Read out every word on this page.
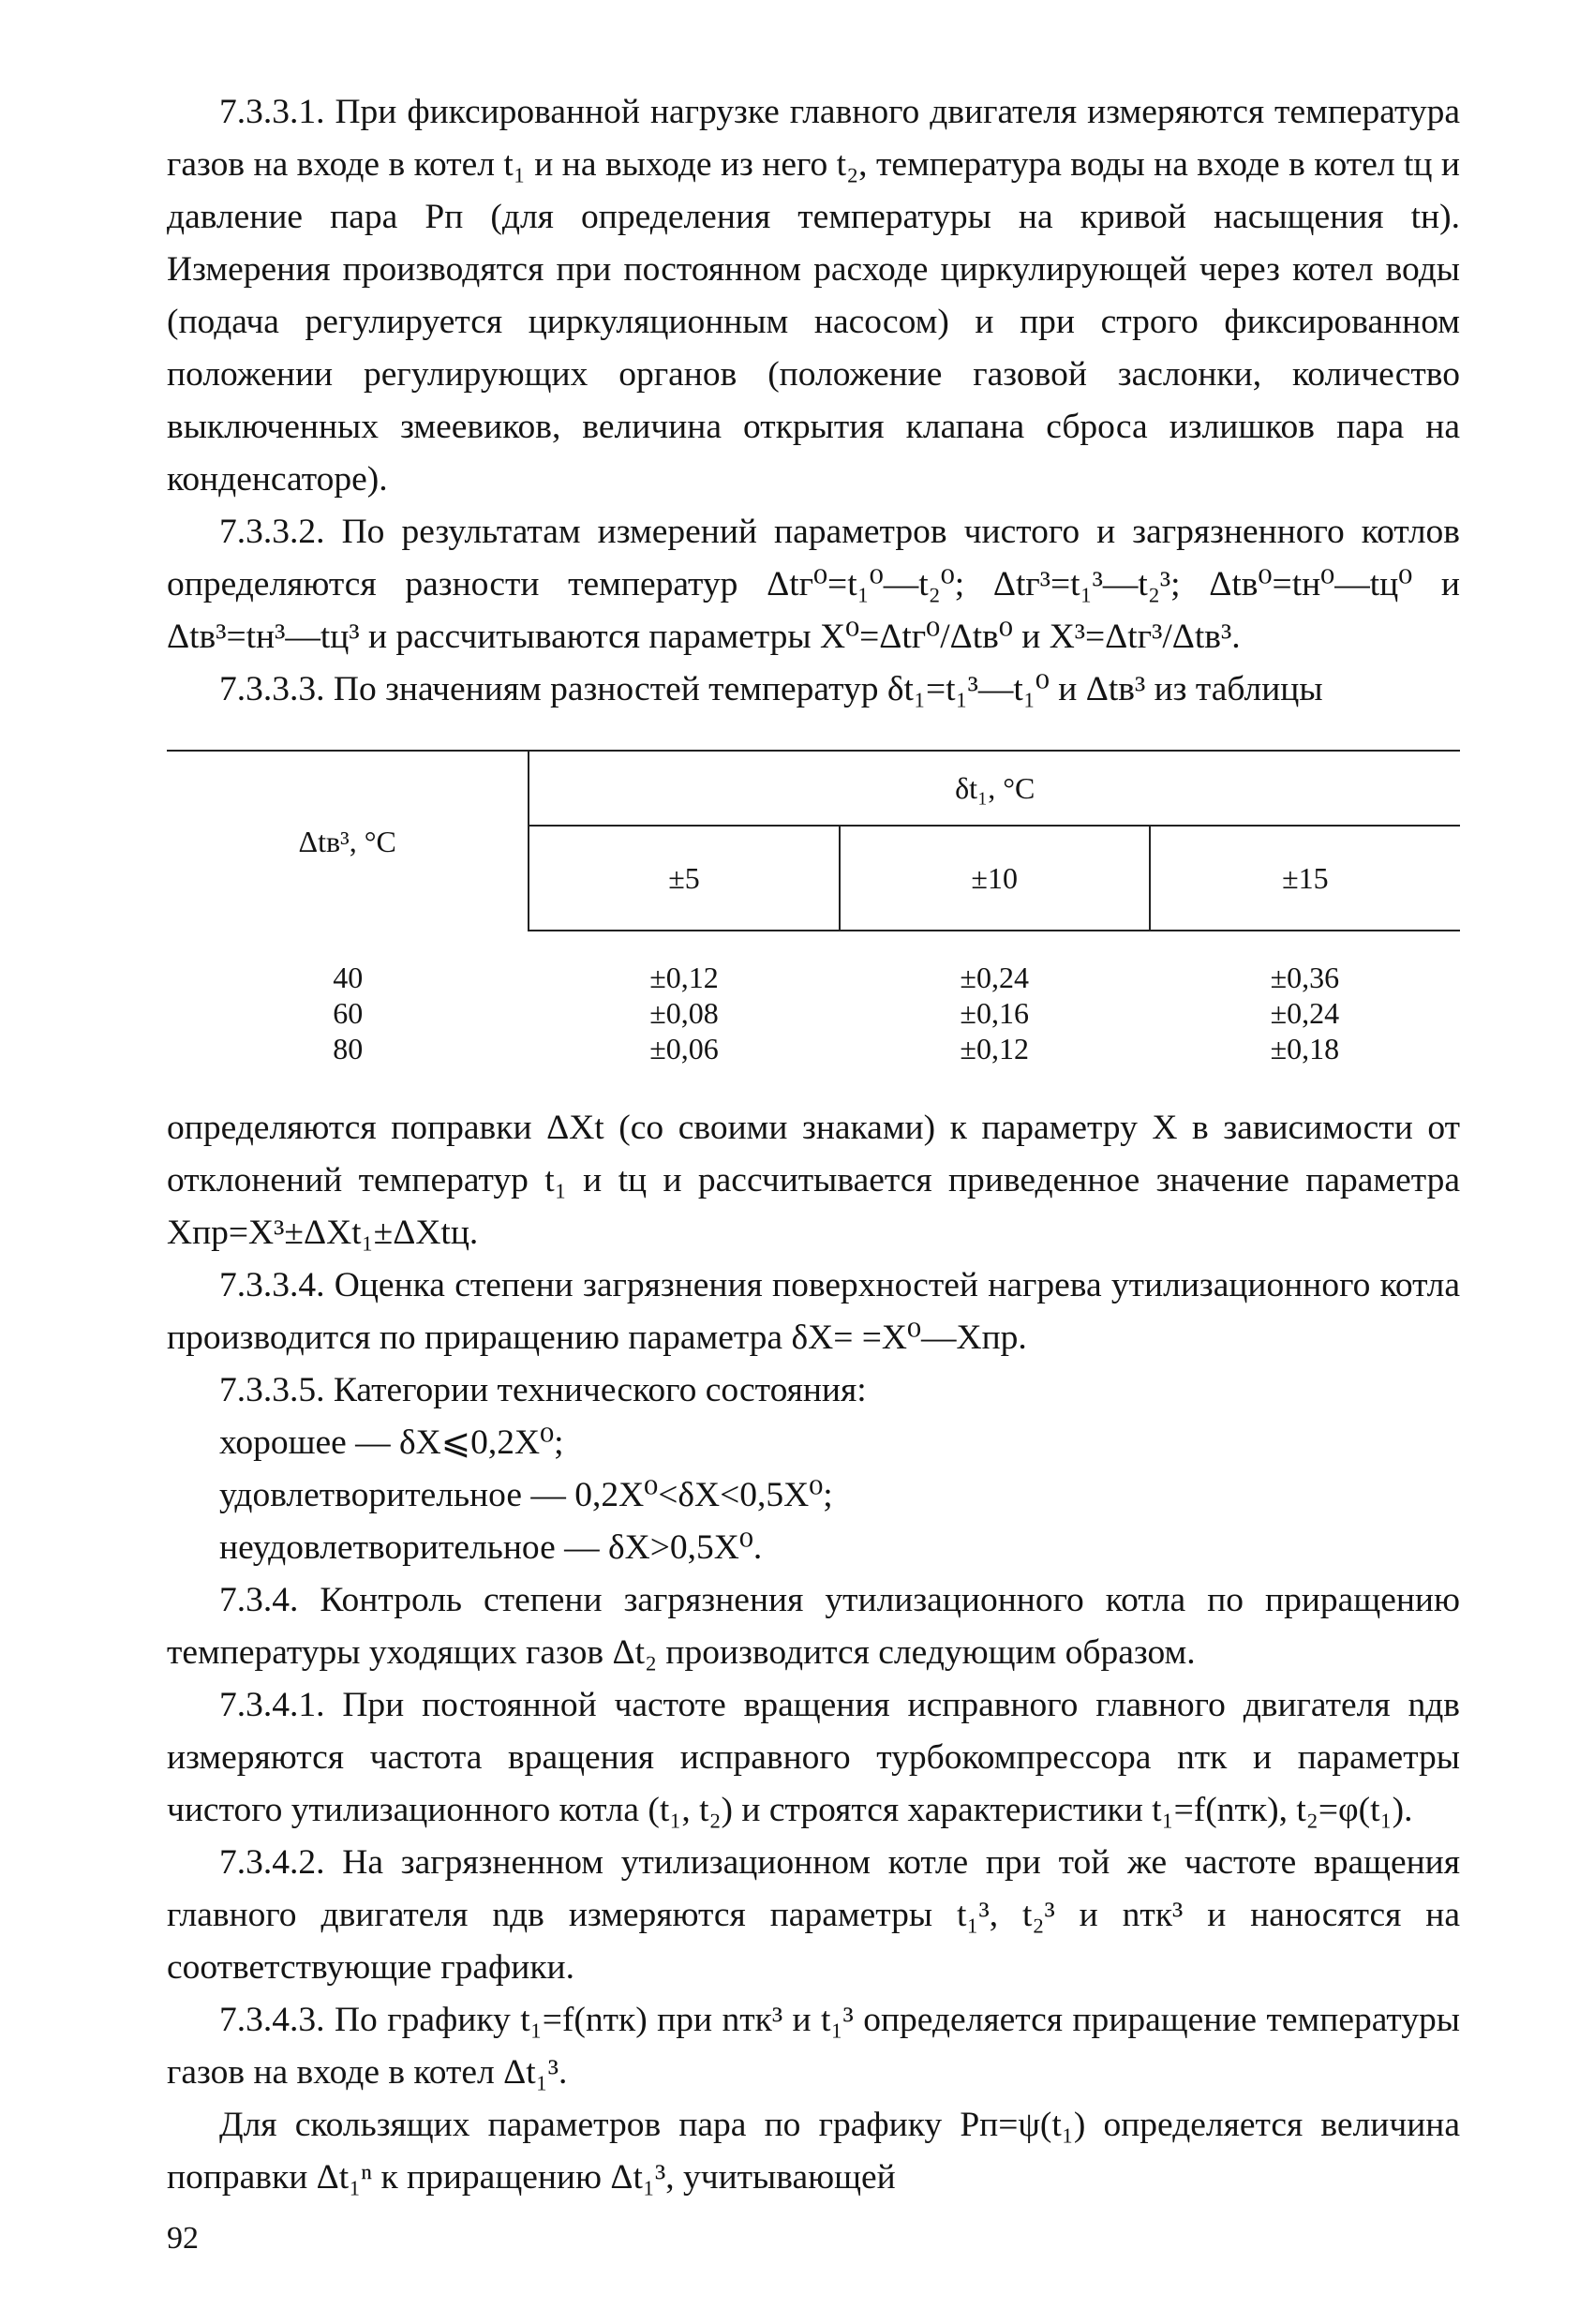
7.3.3.1. При фиксированной нагрузке главного двигателя измеряются температура газов на входе в котел t₁ и на выходе из него t₂, температура воды на входе в котел tц и давление пара Pп (для определения температуры на кривой насыщения tн). Измерения производятся при постоянном расходе циркулирующей через котел воды (подача регулируется циркуляционным насосом) и при строго фиксированном положении регулирующих органов (положение газовой заслонки, количество выключенных змеевиков, величина открытия клапана сброса излишков пара на конденсаторе).

7.3.3.2. По результатам измерений параметров чистого и загрязненного котлов определяются разности температур Δtг⁰=t₁⁰—t₂⁰; Δtг³=t₁³—t₂³; Δtв⁰=tн⁰—tц⁰ и Δtв³=tн³—tц³ и рассчитываются параметры X⁰=Δtг⁰/Δtв⁰ и X³=Δtг³/Δtв³.

7.3.3.3. По значениям разностей температур δt₁=t₁³—t₁⁰ и Δtв³ из таблицы

Δtв³, °C	δt₁, °C		
	±5	±10	±15
40	±0,12	±0,24	±0,36
60	±0,08	±0,16	±0,24
80	±0,06	±0,12	±0,18

определяются поправки ΔXt (со своими знаками) к параметру X в зависимости от отклонений температур t₁ и tц и рассчитывается приведенное значение параметра Xпр=X³±ΔXt₁±ΔXtц.

7.3.3.4. Оценка степени загрязнения поверхностей нагрева утилизационного котла производится по приращению параметра δX= =X⁰—Xпр.

7.3.3.5. Категории технического состояния:

хорошее — δX⩽0,2X⁰;

удовлетворительное — 0,2X⁰<δX<0,5X⁰;

неудовлетворительное — δX>0,5X⁰.

7.3.4. Контроль степени загрязнения утилизационного котла по приращению температуры уходящих газов Δt₂ производится следующим образом.

7.3.4.1. При постоянной частоте вращения исправного главного двигателя nдв измеряются частота вращения исправного турбокомпрессора nтк и параметры чистого утилизационного котла (t₁, t₂) и строятся характеристики t₁=f(nтк), t₂=φ(t₁).

7.3.4.2. На загрязненном утилизационном котле при той же частоте вращения главного двигателя nдв измеряются параметры t₁³, t₂³ и nтк³ и наносятся на соответствующие графики.

7.3.4.3. По графику t₁=f(nтк) при nтк³ и t₁³ определяется приращение температуры газов на входе в котел Δt₁³.

Для скользящих параметров пара по графику Pп=ψ(t₁) определяется величина поправки Δt₁ⁿ к приращению Δt₁³, учитывающей

92
